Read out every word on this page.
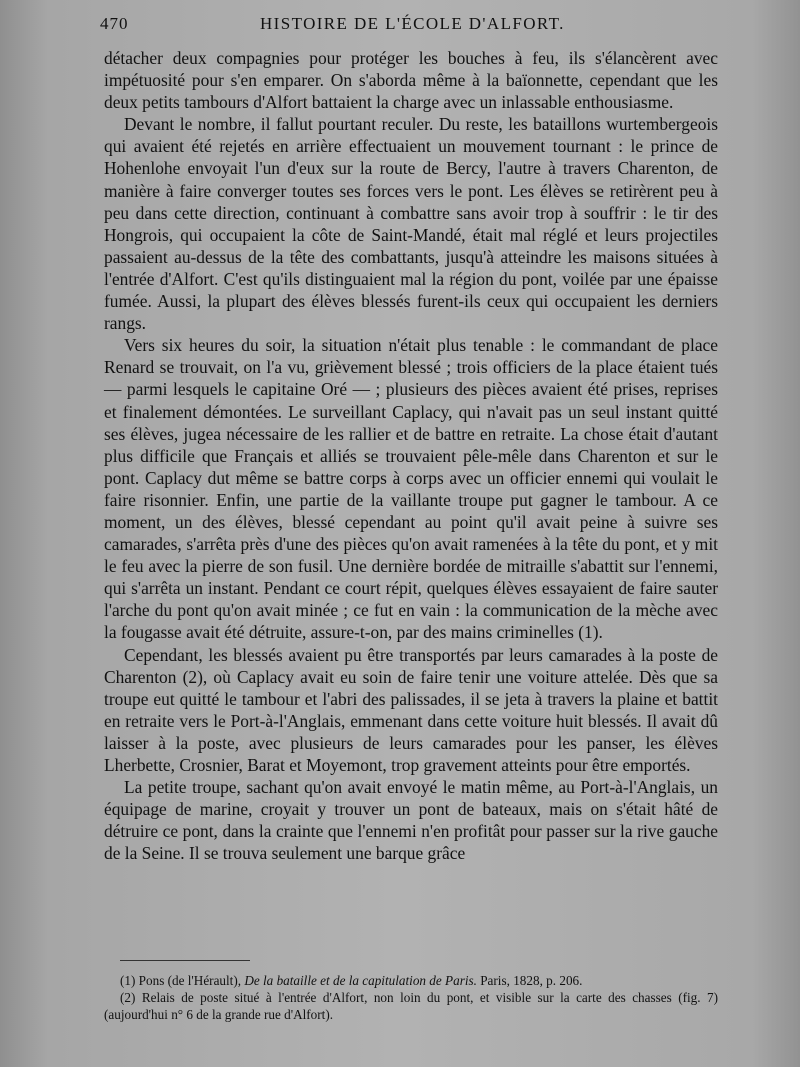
470	HISTOIRE DE L'ÉCOLE D'ALFORT.

détacher deux compagnies pour protéger les bouches à feu, ils s'élancèrent avec impétuosité pour s'en emparer. On s'aborda même à la baïonnette, cependant que les deux petits tambours d'Alfort battaient la charge avec un inlassable enthousiasme.

Devant le nombre, il fallut pourtant reculer. Du reste, les bataillons wurtembergeois qui avaient été rejetés en arrière effectuaient un mouvement tournant : le prince de Hohenlohe envoyait l'un d'eux sur la route de Bercy, l'autre à travers Charenton, de manière à faire converger toutes ses forces vers le pont. Les élèves se retirèrent peu à peu dans cette direction, continuant à combattre sans avoir trop à souffrir : le tir des Hongrois, qui occupaient la côte de Saint-Mandé, était mal réglé et leurs projectiles passaient au-dessus de la tête des combattants, jusqu'à atteindre les maisons situées à l'entrée d'Alfort. C'est qu'ils distinguaient mal la région du pont, voilée par une épaisse fumée. Aussi, la plupart des élèves blessés furent-ils ceux qui occupaient les derniers rangs.

Vers six heures du soir, la situation n'était plus tenable : le commandant de place Renard se trouvait, on l'a vu, grièvement blessé ; trois officiers de la place étaient tués — parmi lesquels le capitaine Oré — ; plusieurs des pièces avaient été prises, reprises et finalement démontées. Le surveillant Caplacy, qui n'avait pas un seul instant quitté ses élèves, jugea nécessaire de les rallier et de battre en retraite. La chose était d'autant plus difficile que Français et alliés se trouvaient pêle-mêle dans Charenton et sur le pont. Caplacy dut même se battre corps à corps avec un officier ennemi qui voulait le faire risonnier. Enfin, une partie de la vaillante troupe put gagner le tambour. A ce moment, un des élèves, blessé cependant au point qu'il avait peine à suivre ses camarades, s'arrêta près d'une des pièces qu'on avait ramenées à la tête du pont, et y mit le feu avec la pierre de son fusil. Une dernière bordée de mitraille s'abattit sur l'ennemi, qui s'arrêta un instant. Pendant ce court répit, quelques élèves essayaient de faire sauter l'arche du pont qu'on avait minée ; ce fut en vain : la communication de la mèche avec la fougasse avait été détruite, assure-t-on, par des mains criminelles (1).

Cependant, les blessés avaient pu être transportés par leurs camarades à la poste de Charenton (2), où Caplacy avait eu soin de faire tenir une voiture attelée. Dès que sa troupe eut quitté le tambour et l'abri des palissades, il se jeta à travers la plaine et battit en retraite vers le Port-à-l'Anglais, emmenant dans cette voiture huit blessés. Il avait dû laisser à la poste, avec plusieurs de leurs camarades pour les panser, les élèves Lherbette, Crosnier, Barat et Moyemont, trop gravement atteints pour être emportés.

La petite troupe, sachant qu'on avait envoyé le matin même, au Port-à-l'Anglais, un équipage de marine, croyait y trouver un pont de bateaux, mais on s'était hâté de détruire ce pont, dans la crainte que l'ennemi n'en profitât pour passer sur la rive gauche de la Seine. Il se trouva seulement une barque grâce

(1) Pons (de l'Hérault), De la bataille et de la capitulation de Paris. Paris, 1828, p. 206.

(2) Relais de poste situé à l'entrée d'Alfort, non loin du pont, et visible sur la carte des chasses (fig. 7) (aujourd'hui n° 6 de la grande rue d'Alfort).
